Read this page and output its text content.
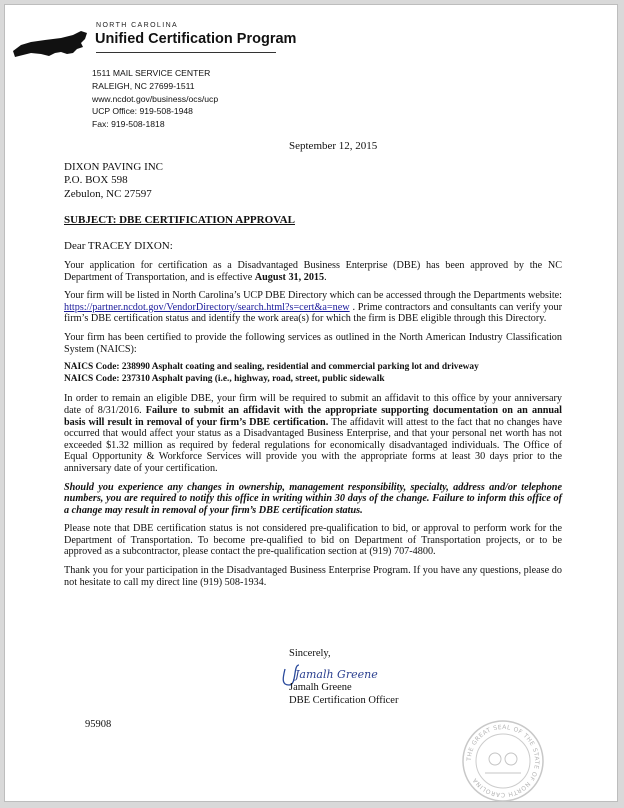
NORTH CAROLINA
Unified Certification Program
1511 MAIL SERVICE CENTER
RALEIGH, NC 27699-1511
www.ncdot.gov/business/ocs/ucp
UCP Office: 919-508-1948
Fax: 919-508-1818
September 12, 2015
DIXON PAVING INC
P.O. BOX 598
Zebulon, NC 27597
SUBJECT: DBE CERTIFICATION APPROVAL
Dear TRACEY DIXON:

Your application for certification as a Disadvantaged Business Enterprise (DBE) has been approved by the NC Department of Transportation, and is effective August 31, 2015.

Your firm will be listed in North Carolina’s UCP DBE Directory which can be accessed through the Departments website: https://partner.ncdot.gov/VendorDirectory/search.html?s=cert&a=new . Prime contractors and consultants can verify your firm’s DBE certification status and identify the work area(s) for which the firm is DBE eligible through this Directory.

Your firm has been certified to provide the following services as outlined in the North American Industry Classification System (NAICS):

NAICS Code: 238990 Asphalt coating and sealing, residential and commercial parking lot and driveway

NAICS Code: 237310 Asphalt paving (i.e., highway, road, street, public sidewalk

In order to remain an eligible DBE, your firm will be required to submit an affidavit to this office by your anniversary date of 8/31/2016. Failure to submit an affidavit with the appropriate supporting documentation on an annual basis will result in removal of your firm’s DBE certification. The affidavit will attest to the fact that no changes have occurred that would affect your status as a Disadvantaged Business Enterprise, and that your personal net worth has not exceeded $1.32 million as required by federal regulations for economically disadvantaged individuals. The Office of Equal Opportunity & Workforce Services will provide you with the appropriate forms at least 30 days prior to the anniversary date of your certification.

Should you experience any changes in ownership, management responsibility, specialty, address and/or telephone numbers, you are required to notify this office in writing within 30 days of the change. Failure to inform this office of a change may result in removal of your firm’s DBE certification status.

Please note that DBE certification status is not considered pre-qualification to bid, or approval to perform work for the Department of Transportation. To become pre-qualified to bid on Department of Transportation projects, or to be approved as a subcontractor, please contact the pre-qualification section at (919) 707-4800.

Thank you for your participation in the Disadvantaged Business Enterprise Program. If you have any questions, please do not hesitate to call my direct line (919) 508-1934.

Sincerely,
Jamalh Greene
Jamalh Greene
DBE Certification Officer
95908
THE GREAT SEAL OF THE STATE OF NORTH CAROLINA
